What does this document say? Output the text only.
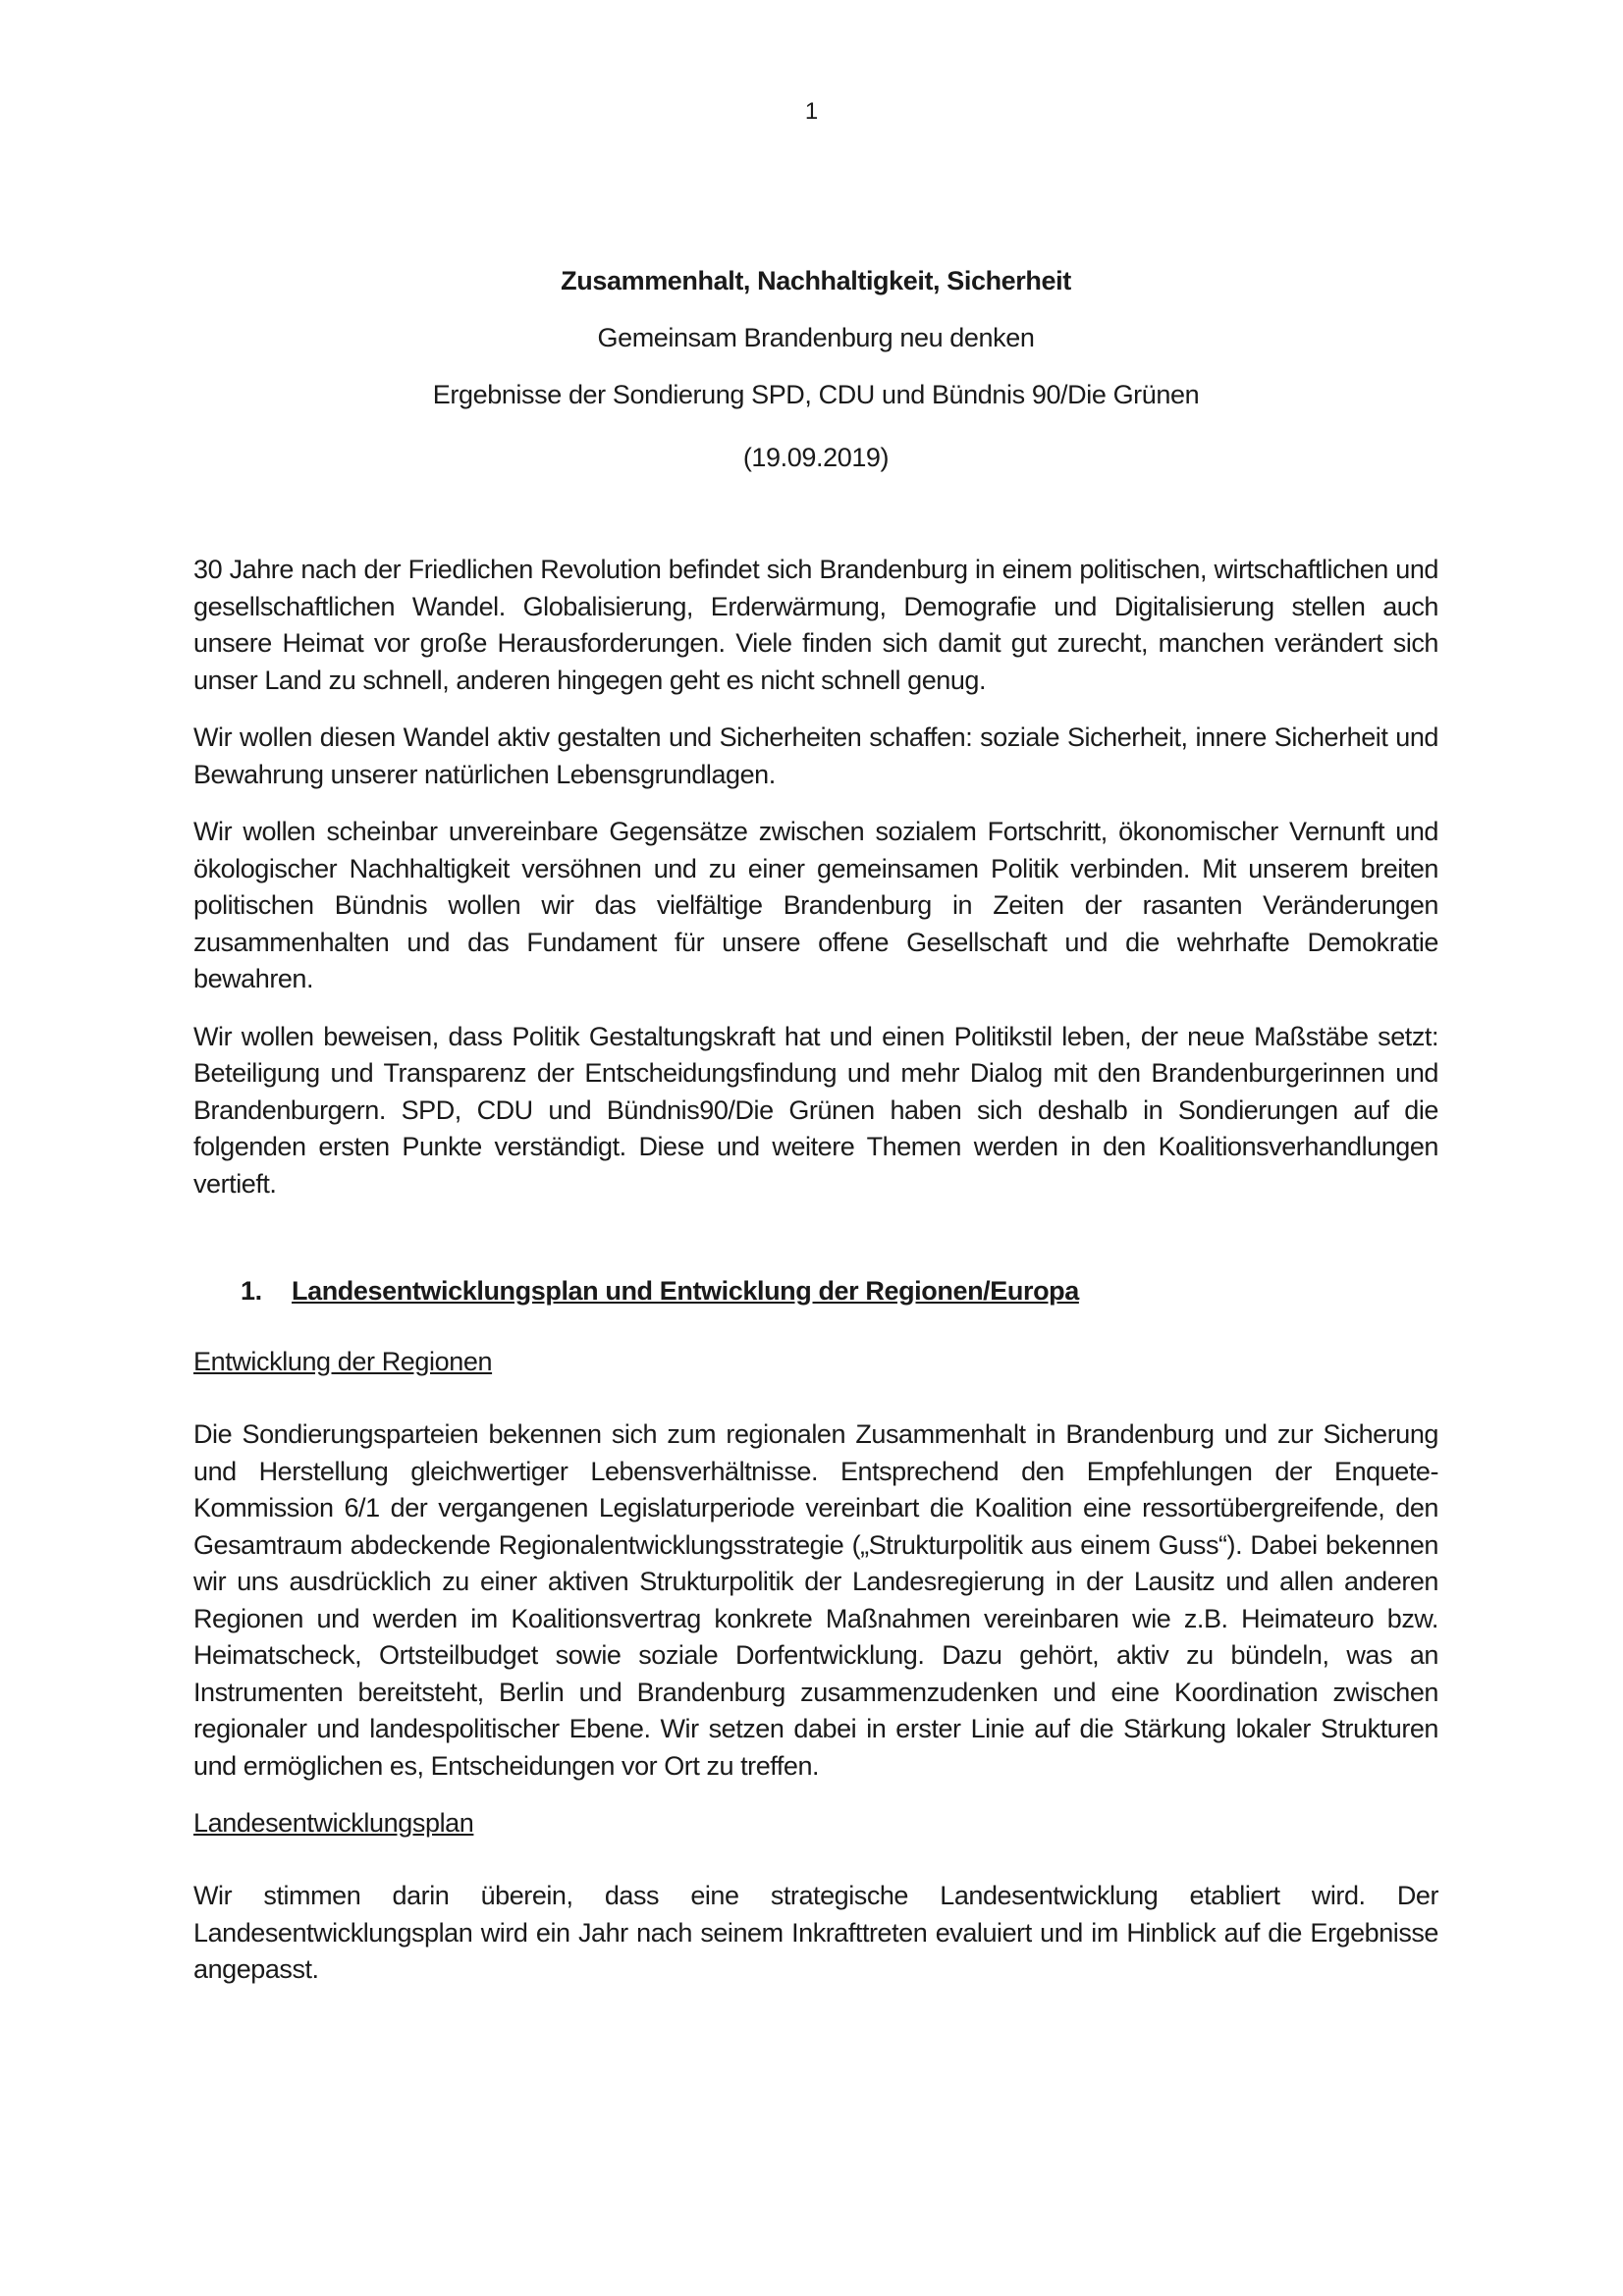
1
Zusammenhalt, Nachhaltigkeit, Sicherheit
Gemeinsam Brandenburg neu denken
Ergebnisse der Sondierung SPD, CDU und Bündnis 90/Die Grünen
(19.09.2019)

30 Jahre nach der Friedlichen Revolution befindet sich Brandenburg in einem politischen, wirtschaftlichen und gesellschaftlichen Wandel. Globalisierung, Erderwärmung, Demografie und Digitalisierung stellen auch unsere Heimat vor große Herausforderungen. Viele finden sich damit gut zurecht, manchen verändert sich unser Land zu schnell, anderen hingegen geht es nicht schnell genug.

Wir wollen diesen Wandel aktiv gestalten und Sicherheiten schaffen: soziale Sicherheit, innere Sicherheit und Bewahrung unserer natürlichen Lebensgrundlagen.

Wir wollen scheinbar unvereinbare Gegensätze zwischen sozialem Fortschritt, ökonomischer Vernunft und ökologischer Nachhaltigkeit versöhnen und zu einer gemeinsamen Politik verbinden. Mit unserem breiten politischen Bündnis wollen wir das vielfältige Brandenburg in Zeiten der rasanten Veränderungen zusammenhalten und das Fundament für unsere offene Gesellschaft und die wehrhafte Demokratie bewahren.

Wir wollen beweisen, dass Politik Gestaltungskraft hat und einen Politikstil leben, der neue Maßstäbe setzt: Beteiligung und Transparenz der Entscheidungsfindung und mehr Dialog mit den Brandenburgerinnen und Brandenburgern. SPD, CDU und Bündnis90/Die Grünen haben sich deshalb in Sondierungen auf die folgenden ersten Punkte verständigt. Diese und weitere Themen werden in den Koalitionsverhandlungen vertieft.

1.	Landesentwicklungsplan und Entwicklung der Regionen/Europa
Entwicklung der Regionen

Die Sondierungsparteien bekennen sich zum regionalen Zusammenhalt in Brandenburg und zur Sicherung und Herstellung gleichwertiger Lebensverhältnisse. Entsprechend den Empfehlungen der Enquete-Kommission 6/1 der vergangenen Legislaturperiode vereinbart die Koalition eine ressortübergreifende, den Gesamtraum abdeckende Regionalentwicklungsstrategie („Strukturpolitik aus einem Guss“). Dabei bekennen wir uns ausdrücklich zu einer aktiven Strukturpolitik der Landesregierung in der Lausitz und allen anderen Regionen und werden im Koalitionsvertrag konkrete Maßnahmen vereinbaren wie z.B. Heimateuro bzw. Heimatscheck, Ortsteilbudget sowie soziale Dorfentwicklung. Dazu gehört, aktiv zu bündeln, was an Instrumenten bereitsteht, Berlin und Brandenburg zusammenzudenken und eine Koordination zwischen regionaler und landespolitischer Ebene. Wir setzen dabei in erster Linie auf die Stärkung lokaler Strukturen und ermöglichen es, Entscheidungen vor Ort zu treffen.

Landesentwicklungsplan

Wir stimmen darin überein, dass eine strategische Landesentwicklung etabliert wird. Der Landesentwicklungsplan wird ein Jahr nach seinem Inkrafttreten evaluiert und im Hinblick auf die Ergebnisse angepasst.
